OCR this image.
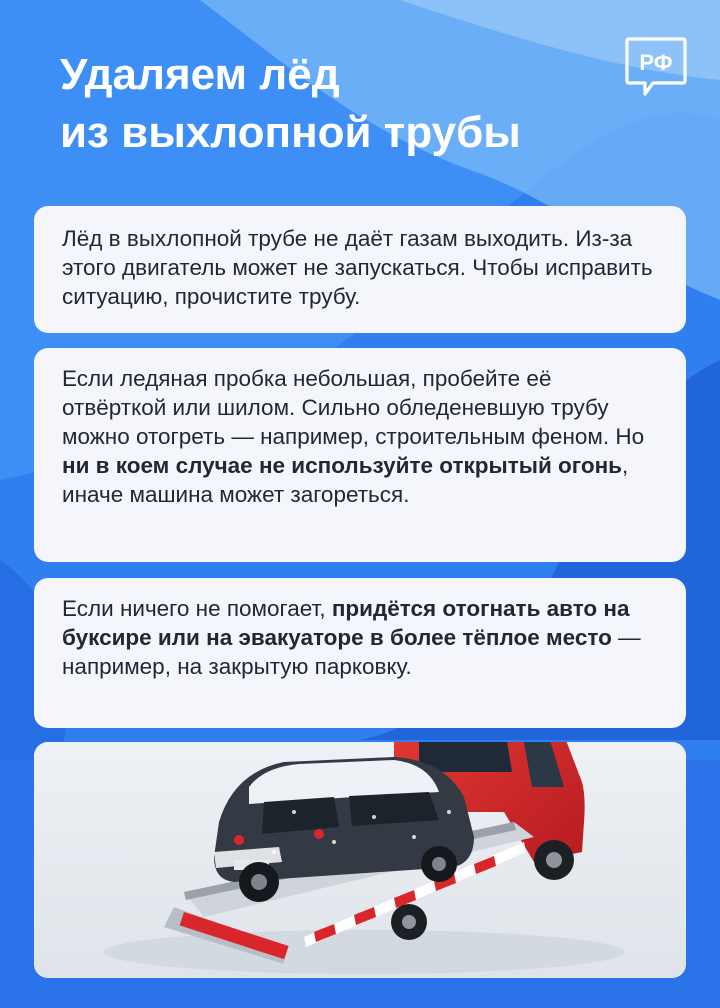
Удаляем лёд
из выхлопной трубы
РФ
Лёд в выхлопной трубе не даёт газам выходить. Из-за этого двигатель может не запускаться. Чтобы исправить ситуацию, прочистите трубу.
Если ледяная пробка небольшая, пробейте её отвёрткой или шилом. Сильно обледеневшую трубу можно отогреть — например, строительным феном. Но ни в коем случае не используйте открытый огонь, иначе машина может загореться.
Если ничего не помогает, придётся отогнать авто на буксире или на эвакуаторе в более тёплое место — например, на закрытую парковку.
